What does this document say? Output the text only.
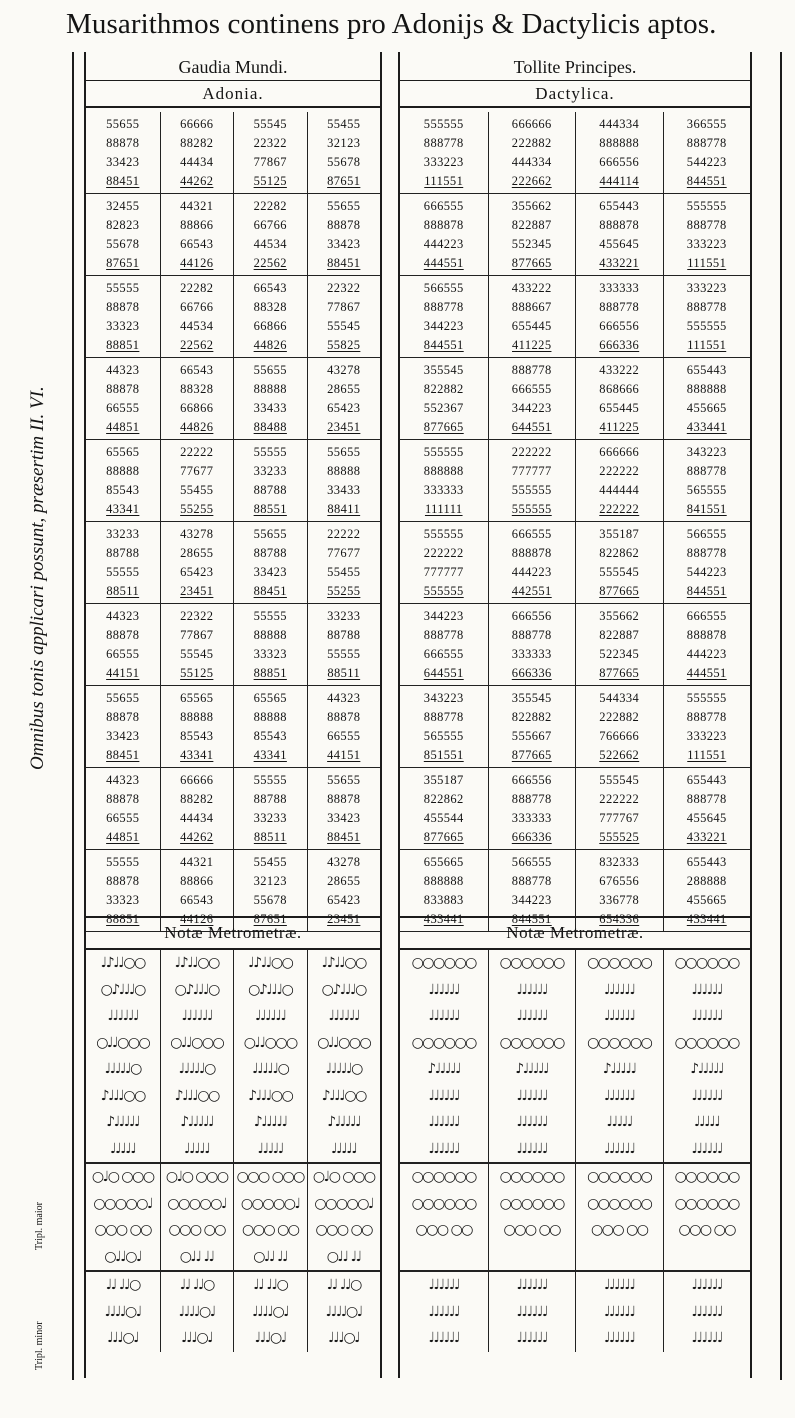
Musarithmos continens pro Adonijs & Dactylicis aptos.
Omnibus tonis applicari possunt, præsertim II. VI.
Tripl. maior
Tripl. minor
Gaudia Mundi.
Adonia.
55655
88878
33423
88451
32455
82823
55678
87651
55555
88878
33323
88851
44323
88878
66555
44851
65565
88888
85543
43341
33233
88788
55555
88511
44323
88878
66555
44151
55655
88878
33423
88451
44323
88878
66555
44851
55555
88878
33323
88851
66666
88282
44434
44262
44321
88866
66543
44126
22282
66766
44534
22562
66543
88328
66866
44826
22222
77677
55455
55255
43278
28655
65423
23451
22322
77867
55545
55125
65565
88888
85543
43341
66666
88282
44434
44262
44321
88866
66543
44126
55545
22322
77867
55125
22282
66766
44534
22562
66543
88328
66866
44826
55655
88888
33433
88488
55555
33233
88788
88551
55655
88788
33423
88451
55555
88888
33323
88851
65565
88888
85543
43341
55555
88788
33233
88511
55455
32123
55678
87651
55455
32123
55678
87651
55655
88878
33423
88451
22322
77867
55545
55825
43278
28655
65423
23451
55655
88888
33433
88411
22222
77677
55455
55255
33233
88788
55555
88511
44323
88878
66555
44151
55655
88878
33423
88451
43278
28655
65423
23451
Notæ Metrometræ.
♩♪♩♩○○
○♪♩♩♩○
♩♩♩♩♩♩
○♩♩○○○
♩♩♩♩♩○
♪♩♩♩○○
♪♩♩♩♩♩
♩♩♩♩♩
○♩○ ○○○
○○○○○♩
○○○ ○○
○♩♩○♩
♩♩ ♩♩○
♩♩♩♩○♩
♩♩♩○♩
♩♪♩♩○○
○♪♩♩♩○
♩♩♩♩♩♩
○♩♩○○○
♩♩♩♩♩○
♪♩♩♩○○
♪♩♩♩♩♩
♩♩♩♩♩
○♩○ ○○○
○○○○○♩
○○○ ○○
○♩♩ ♩♩
♩♩ ♩♩○
♩♩♩♩○♩
♩♩♩○♩
♩♪♩♩○○
○♪♩♩♩○
♩♩♩♩♩♩
○♩♩○○○
♩♩♩♩♩○
♪♩♩♩○○
♪♩♩♩♩♩
♩♩♩♩♩
○○○ ○○○
○○○○○♩
○○○ ○○
○♩♩ ♩♩
♩♩ ♩♩○
♩♩♩♩○♩
♩♩♩○♩
♩♪♩♩○○
○♪♩♩♩○
♩♩♩♩♩♩
○♩♩○○○
♩♩♩♩♩○
♪♩♩♩○○
♪♩♩♩♩♩
♩♩♩♩♩
○♩○ ○○○
○○○○○♩
○○○ ○○
○♩♩ ♩♩
♩♩ ♩♩○
♩♩♩♩○♩
♩♩♩○♩
Tollite Principes.
Dactylica.
555555
888778
333223
111551
666555
888878
444223
444551
566555
888778
344223
844551
355545
822882
552367
877665
555555
888888
333333
111111
555555
222222
777777
555555
344223
888778
666555
644551
343223
888778
565555
851551
355187
822862
455544
877665
655665
888888
833883
433441
666666
222882
444334
222662
355662
822887
552345
877665
433222
888667
655445
411225
888778
666555
344223
644551
222222
777777
555555
555555
666555
888878
444223
442551
666556
888778
333333
666336
355545
822882
555667
877665
666556
888778
333333
666336
566555
888778
344223
844551
444334
888888
666556
444114
655443
888878
455645
433221
333333
888778
666556
666336
433222
868666
655445
411225
666666
222222
444444
222222
355187
822862
555545
877665
355662
822887
522345
877665
544334
222882
766666
522662
555545
222222
777767
555525
832333
676556
336778
654336
366555
888778
544223
844551
555555
888778
333223
111551
333223
888778
555555
111551
655443
888888
455665
433441
343223
888778
565555
841551
566555
888778
544223
844551
666555
888878
444223
444551
555555
888778
333223
111551
655443
888778
455645
433221
655443
288888
455665
433441
Notæ Metrometræ.
○○○○○○
♩♩♩♩♩♩
♩♩♩♩♩♩
○○○○○○
♪♩♩♩♩♩
♩♩♩♩♩♩
♩♩♩♩♩♩
♩♩♩♩♩♩
○○○○○○
○○○○○○
○○○ ○○
♩♩♩♩♩♩
♩♩♩♩♩♩
♩♩♩♩♩♩
○○○○○○
♩♩♩♩♩♩
♩♩♩♩♩♩
○○○○○○
♪♩♩♩♩♩
♩♩♩♩♩♩
♩♩♩♩♩♩
♩♩♩♩♩♩
○○○○○○
○○○○○○
○○○ ○○
♩♩♩♩♩♩
♩♩♩♩♩♩
♩♩♩♩♩♩
○○○○○○
♩♩♩♩♩♩
♩♩♩♩♩♩
○○○○○○
♪♩♩♩♩♩
♩♩♩♩♩♩
♩♩♩♩♩
♩♩♩♩♩♩
○○○○○○
○○○○○○
○○○ ○○
♩♩♩♩♩♩
♩♩♩♩♩♩
♩♩♩♩♩♩
○○○○○○
♩♩♩♩♩♩
♩♩♩♩♩♩
○○○○○○
♪♩♩♩♩♩
♩♩♩♩♩♩
♩♩♩♩♩
♩♩♩♩♩♩
○○○○○○
○○○○○○
○○○ ○○
♩♩♩♩♩♩
♩♩♩♩♩♩
♩♩♩♩♩♩
